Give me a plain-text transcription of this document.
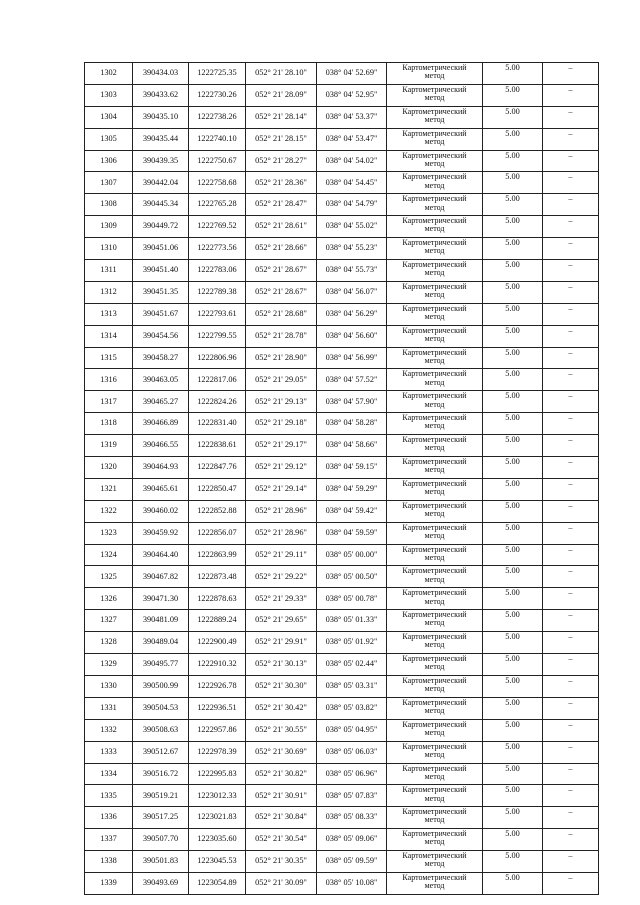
1302	390434.03	1222725.35	052° 21' 28.10"	038° 04' 52.69"	Картометрический
метод	5.00	–
1303	390433.62	1222730.26	052° 21' 28.09"	038° 04' 52.95"	Картометрический
метод	5.00	–
1304	390435.10	1222738.26	052° 21' 28.14"	038° 04' 53.37"	Картометрический
метод	5.00	–
1305	390435.44	1222740.10	052° 21' 28.15"	038° 04' 53.47"	Картометрический
метод	5.00	–
1306	390439.35	1222750.67	052° 21' 28.27"	038° 04' 54.02"	Картометрический
метод	5.00	–
1307	390442.04	1222758.68	052° 21' 28.36"	038° 04' 54.45"	Картометрический
метод	5.00	–
1308	390445.34	1222765.28	052° 21' 28.47"	038° 04' 54.79"	Картометрический
метод	5.00	–
1309	390449.72	1222769.52	052° 21' 28.61"	038° 04' 55.02"	Картометрический
метод	5.00	–
1310	390451.06	1222773.56	052° 21' 28.66"	038° 04' 55.23"	Картометрический
метод	5.00	–
1311	390451.40	1222783.06	052° 21' 28.67"	038° 04' 55.73"	Картометрический
метод	5.00	–
1312	390451.35	1222789.38	052° 21' 28.67"	038° 04' 56.07"	Картометрический
метод	5.00	–
1313	390451.67	1222793.61	052° 21' 28.68"	038° 04' 56.29"	Картометрический
метод	5.00	–
1314	390454.56	1222799.55	052° 21' 28.78"	038° 04' 56.60"	Картометрический
метод	5.00	–
1315	390458.27	1222806.96	052° 21' 28.90"	038° 04' 56.99"	Картометрический
метод	5.00	–
1316	390463.05	1222817.06	052° 21' 29.05"	038° 04' 57.52"	Картометрический
метод	5.00	–
1317	390465.27	1222824.26	052° 21' 29.13"	038° 04' 57.90"	Картометрический
метод	5.00	–
1318	390466.89	1222831.40	052° 21' 29.18"	038° 04' 58.28"	Картометрический
метод	5.00	–
1319	390466.55	1222838.61	052° 21' 29.17"	038° 04' 58.66"	Картометрический
метод	5.00	–
1320	390464.93	1222847.76	052° 21' 29.12"	038° 04' 59.15"	Картометрический
метод	5.00	–
1321	390465.61	1222850.47	052° 21' 29.14"	038° 04' 59.29"	Картометрический
метод	5.00	–
1322	390460.02	1222852.88	052° 21' 28.96"	038° 04' 59.42"	Картометрический
метод	5.00	–
1323	390459.92	1222856.07	052° 21' 28.96"	038° 04' 59.59"	Картометрический
метод	5.00	–
1324	390464.40	1222863.99	052° 21' 29.11"	038° 05' 00.00"	Картометрический
метод	5.00	–
1325	390467.82	1222873.48	052° 21' 29.22"	038° 05' 00.50"	Картометрический
метод	5.00	–
1326	390471.30	1222878.63	052° 21' 29.33"	038° 05' 00.78"	Картометрический
метод	5.00	–
1327	390481.09	1222889.24	052° 21' 29.65"	038° 05' 01.33"	Картометрический
метод	5.00	–
1328	390489.04	1222900.49	052° 21' 29.91"	038° 05' 01.92"	Картометрический
метод	5.00	–
1329	390495.77	1222910.32	052° 21' 30.13"	038° 05' 02.44"	Картометрический
метод	5.00	–
1330	390500.99	1222926.78	052° 21' 30.30"	038° 05' 03.31"	Картометрический
метод	5.00	–
1331	390504.53	1222936.51	052° 21' 30.42"	038° 05' 03.82"	Картометрический
метод	5.00	–
1332	390508.63	1222957.86	052° 21' 30.55"	038° 05' 04.95"	Картометрический
метод	5.00	–
1333	390512.67	1222978.39	052° 21' 30.69"	038° 05' 06.03"	Картометрический
метод	5.00	–
1334	390516.72	1222995.83	052° 21' 30.82"	038° 05' 06.96"	Картометрический
метод	5.00	–
1335	390519.21	1223012.33	052° 21' 30.91"	038° 05' 07.83"	Картометрический
метод	5.00	–
1336	390517.25	1223021.83	052° 21' 30.84"	038° 05' 08.33"	Картометрический
метод	5.00	–
1337	390507.70	1223035.60	052° 21' 30.54"	038° 05' 09.06"	Картометрический
метод	5.00	–
1338	390501.83	1223045.53	052° 21' 30.35"	038° 05' 09.59"	Картометрический
метод	5.00	–
1339	390493.69	1223054.89	052° 21' 30.09"	038° 05' 10.08"	Картометрический
метод	5.00	–
